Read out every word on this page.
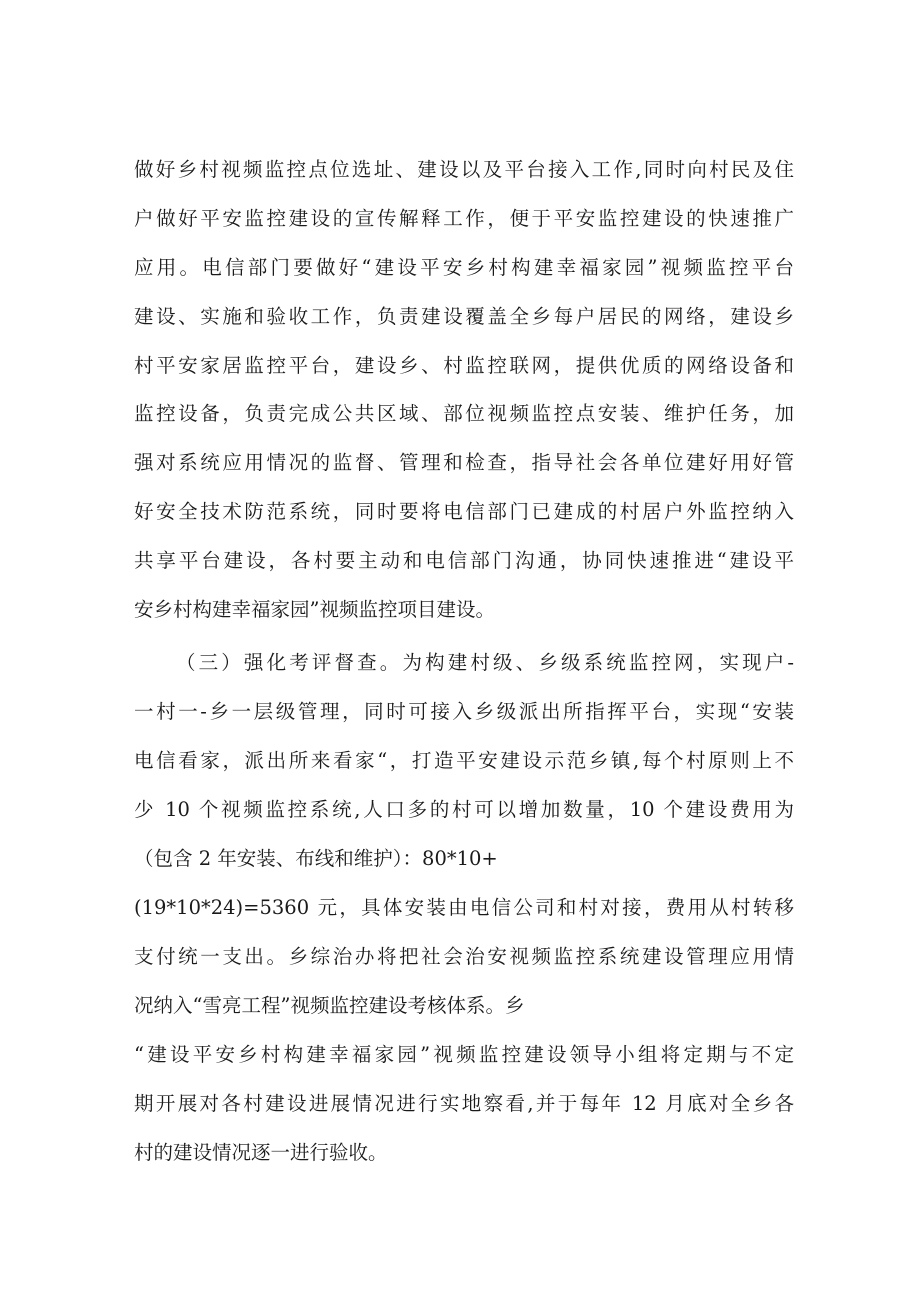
做好乡村视频监控点位选址、建设以及平台接入工作,同时向村民及住
户做好平安监控建设的宣传解释工作，便于平安监控建设的快速推广
应用。电信部门要做好“建设平安乡村构建幸福家园”视频监控平台
建设、实施和验收工作，负责建设覆盖全乡每户居民的网络，建设乡
村平安家居监控平台，建设乡、村监控联网，提供优质的网络设备和
监控设备，负责完成公共区域、部位视频监控点安装、维护任务，加
强对系统应用情况的监督、管理和检查，指导社会各单位建好用好管
好安全技术防范系统，同时要将电信部门已建成的村居户外监控纳入
共享平台建设，各村要主动和电信部门沟通，协同快速推进“建设平
安乡村构建幸福家园”视频监控项目建设。
（三）强化考评督查。为构建村级、乡级系统监控网，实现户-
一村一-乡一层级管理，同时可接入乡级派出所指挥平台，实现“安装
电信看家，派出所来看家“，打造平安建设示范乡镇,每个村原则上不
少 10 个视频监控系统,人口多的村可以增加数量，10 个建设费用为
（包含 2 年安装、布线和维护）：80*10+
(19*10*24)=5360 元，具体安装由电信公司和村对接，费用从村转移
支付统一支出。乡综治办将把社会治安视频监控系统建设管理应用情
况纳入“雪亮工程”视频监控建设考核体系。乡
“建设平安乡村构建幸福家园”视频监控建设领导小组将定期与不定
期开展对各村建设进展情况进行实地察看,并于每年 12 月底对全乡各
村的建设情况逐一进行验收。
